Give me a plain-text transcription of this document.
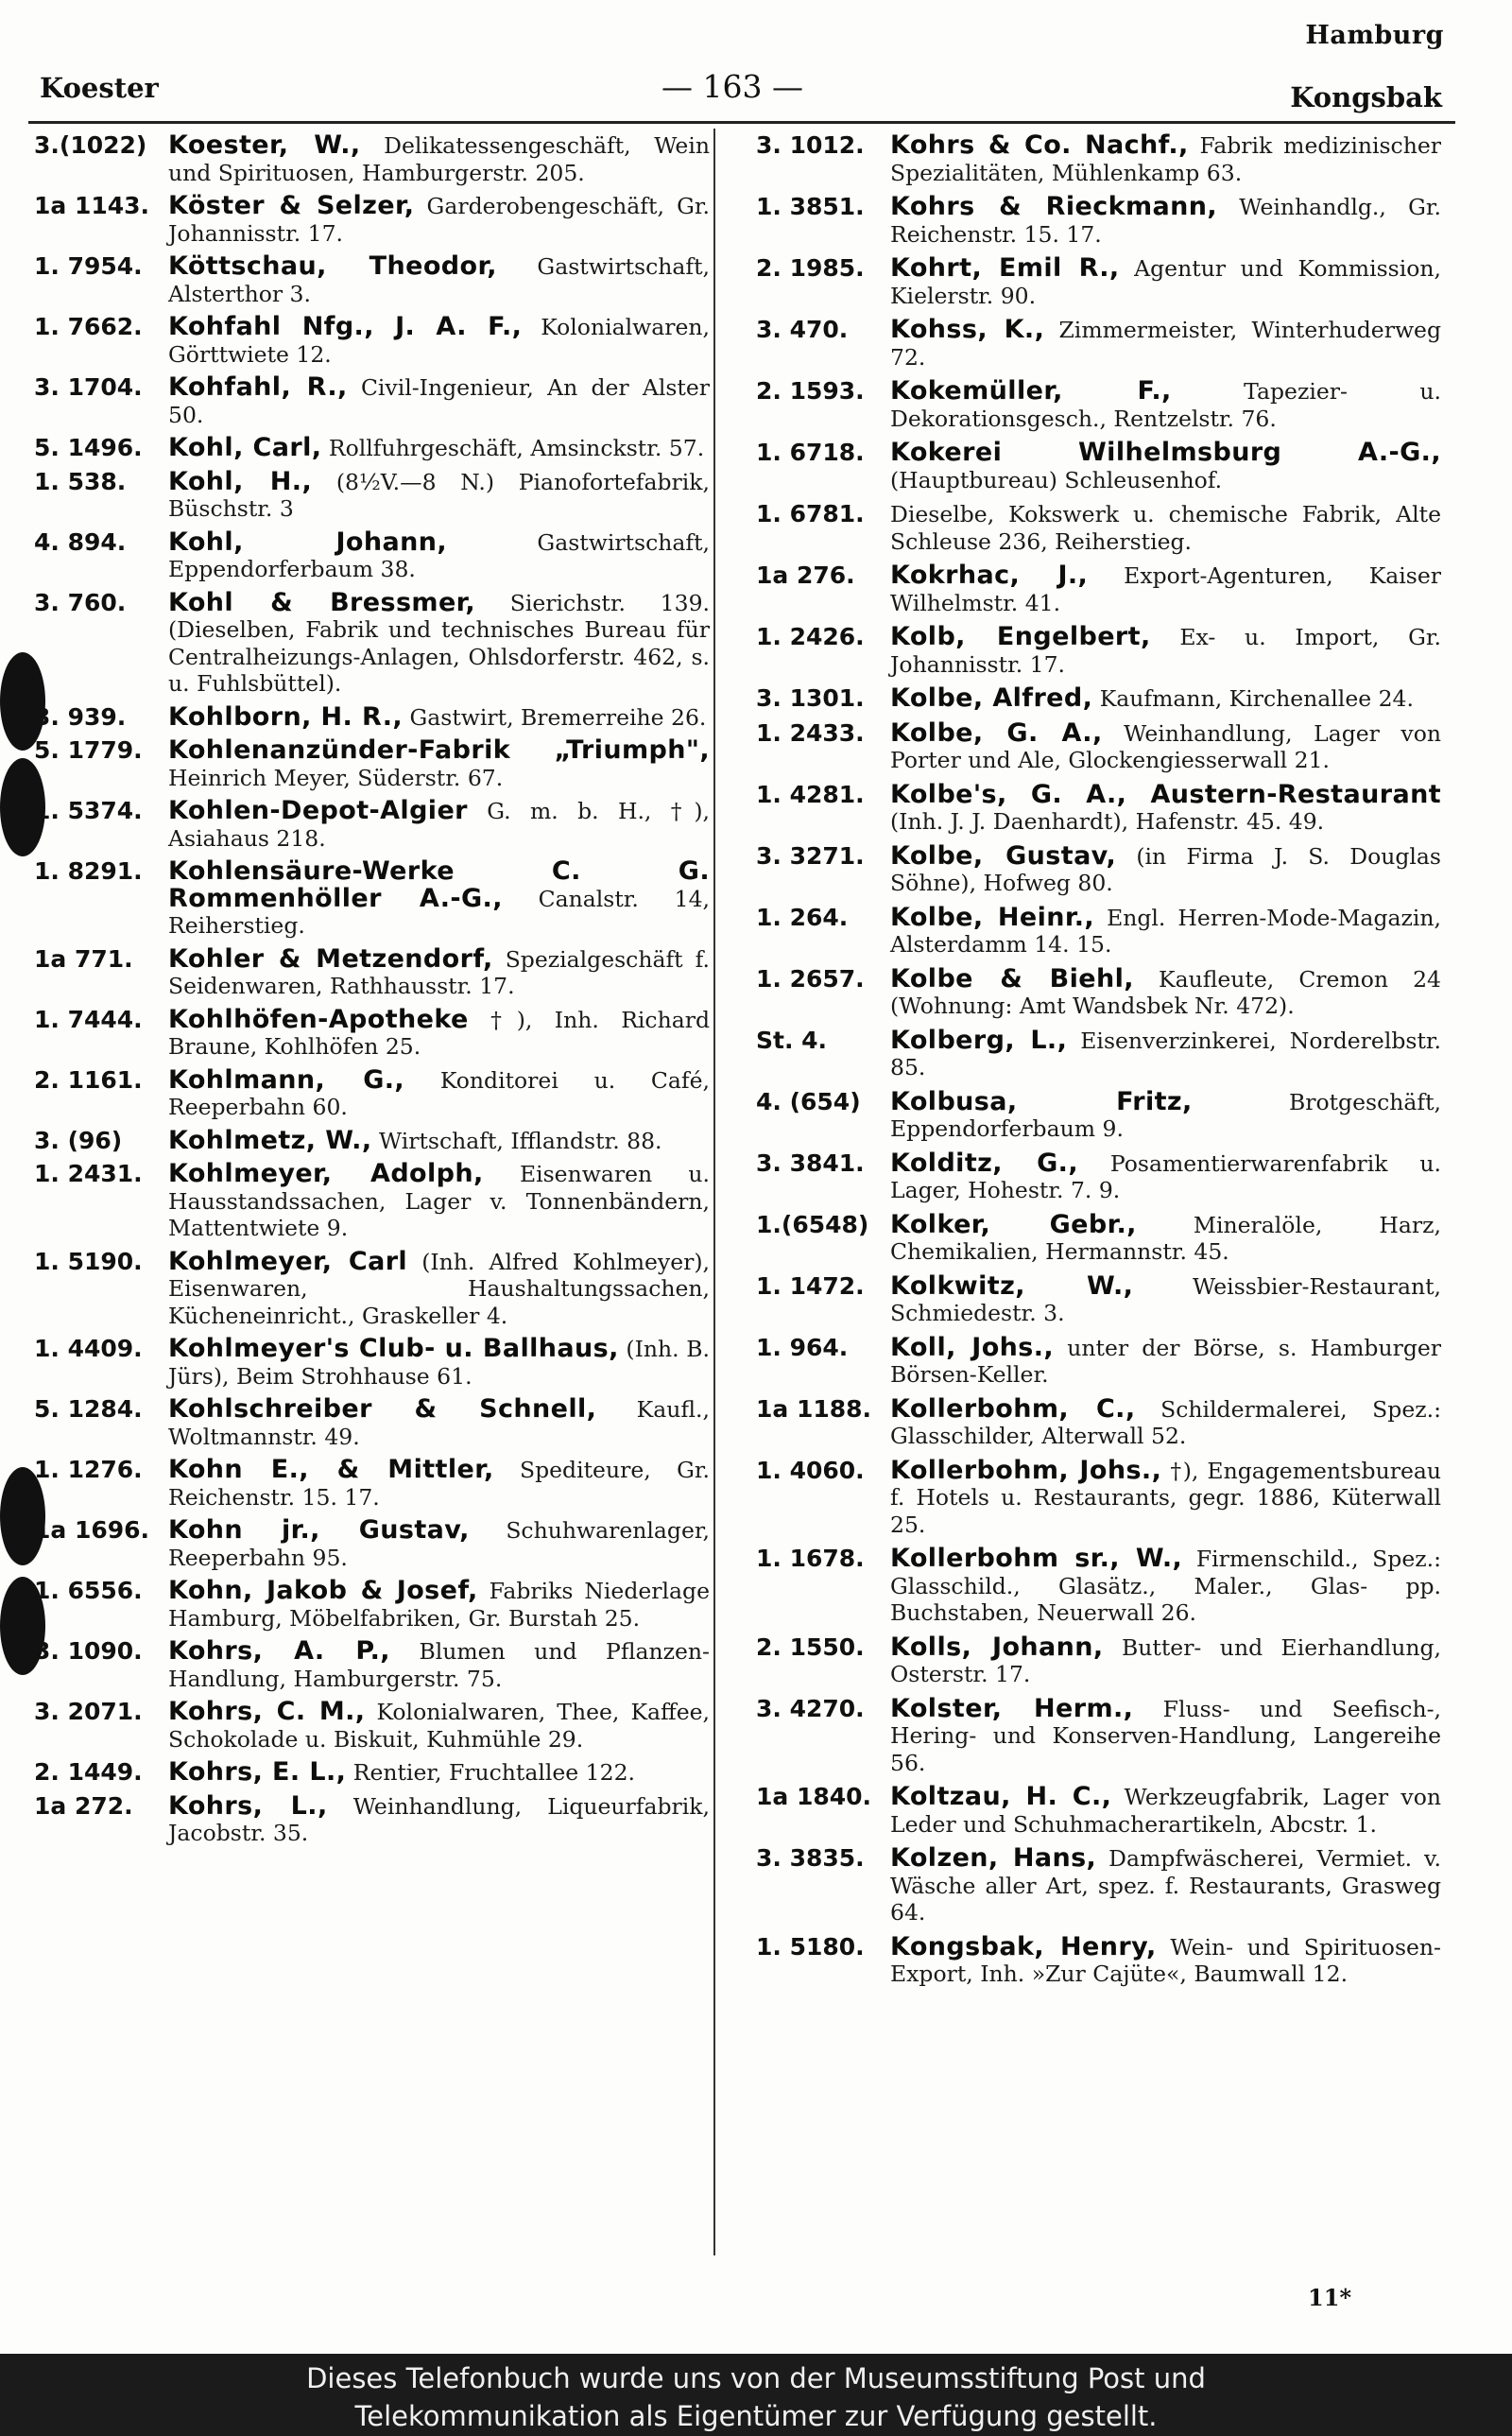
Hamburg
Koester	— 163 —	Kongsbak
3.(1022) Koester, W., Delikatessengeschäft, Wein und Spirituosen, Hamburgerstr. 205.
1a 1143. Köster & Selzer, Garderobengeschäft, Gr. Johannisstr. 17.
1. 7954.	Köttschau, Theodor, Gastwirtschaft, Alsterthor 3.
1. 7662.	Kohfahl Nfg., J. A. F., Kolonialwaren, Görttwiete 12.
3. 1704.	Kohfahl, R., Civil-Ingenieur, An der Alster 50.
5. 1496.	Kohl, Carl, Rollfuhrgeschäft, Amsinckstr. 57.
1. 538.	Kohl, H., (8½V.—8 N.) Pianofortefabrik, Büschstr. 3
4. 894.	Kohl, Johann, Gastwirtschaft, Eppendorferbaum 38.
3. 760.	Kohl & Bressmer, Sierichstr. 139. (Dieselben, Fabrik und technisches Bureau für Centralheizungs-Anlagen, Ohlsdorferstr. 462, s. u. Fuhlsbüttel).
3. 939.	Kohlborn, H. R., Gastwirt, Bremerreihe 26.
5. 1779.	Kohlenanzünder-Fabrik „Triumph", Heinrich Meyer, Süderstr. 67.
1. 5374.	Kohlen-Depot-Algier G. m. b. H., †), Asiahaus 218.
1. 8291.	Kohlensäure-Werke C. G. Rommenhöller A.-G., Canalstr. 14, Reiherstieg.
1a 771.	Kohler & Metzendorf, Spezialgeschäft f. Seidenwaren, Rathhausstr. 17.
1. 7444.	Kohlhöfen-Apotheke †), Inh. Richard Braune, Kohlhöfen 25.
2. 1161.	Kohlmann, G., Konditorei u. Café, Reeperbahn 60.
3. (96)	Kohlmetz, W., Wirtschaft, Ifflandstr. 88.
1. 2431.	Kohlmeyer, Adolph, Eisenwaren u. Hausstandssachen, Lager v. Tonnenbändern, Mattentwiete 9.
1. 5190.	Kohlmeyer, Carl (Inh. Alfred Kohlmeyer), Eisenwaren, Haushaltungssachen, Kücheneinricht., Graskeller 4.
1. 4409.	Kohlmeyer's Club- u. Ballhaus, (Inh. B. Jürs), Beim Strohhause 61.
5. 1284.	Kohlschreiber & Schnell, Kaufl., Woltmannstr. 49.
1. 1276.	Kohn E., & Mittler, Spediteure, Gr. Reichenstr. 15. 17.
1a 1696. Kohn jr., Gustav, Schuhwarenlager, Reeperbahn 95.
1. 6556.	Kohn, Jakob & Josef, Fabriks Niederlage Hamburg, Möbelfabriken, Gr. Burstah 25.
3. 1090.	Kohrs, A. P., Blumen und Pflanzen-Handlung, Hamburgerstr. 75.
3. 2071.	Kohrs, C. M., Kolonialwaren, Thee, Kaffee, Schokolade u. Biskuit, Kuhmühle 29.
2. 1449.	Kohrs, E. L., Rentier, Fruchtallee 122.
1a 272.	Kohrs, L., Weinhandlung, Liqueurfabrik, Jacobstr. 35.
3. 1012.	Kohrs & Co. Nachf., Fabrik medizinischer Spezialitäten, Mühlenkamp 63.
1. 3851.	Kohrs & Rieckmann, Weinhandlg., Gr. Reichenstr. 15. 17.
2. 1985.	Kohrt, Emil R., Agentur und Kommission, Kielerstr. 90.
3. 470.	Kohss, K., Zimmermeister, Winterhuderweg 72.
2. 1593.	Kokemüller, F., Tapezier- u. Dekorationsgesch., Rentzelstr. 76.
1. 6718.	Kokerei Wilhelmsburg A.-G., (Hauptbureau) Schleusenhof.
1. 6781.	Dieselbe, Kokswerk u. chemische Fabrik, Alte Schleuse 236, Reiherstieg.
1a 276.	Kokrhac, J., Export-Agenturen, Kaiser Wilhelmstr. 41.
1. 2426.	Kolb, Engelbert, Ex- u. Import, Gr. Johannisstr. 17.
3. 1301.	Kolbe, Alfred, Kaufmann, Kirchenallee 24.
1. 2433.	Kolbe, G. A., Weinhandlung, Lager von Porter und Ale, Glockengiesserwall 21.
1. 4281.	Kolbe's, G. A., Austern-Restaurant (Inh. J. J. Daenhardt), Hafenstr. 45. 49.
3. 3271.	Kolbe, Gustav, (in Firma J. S. Douglas Söhne), Hofweg 80.
1. 264.	Kolbe, Heinr., Engl. Herren-Mode-Magazin, Alsterdamm 14. 15.
1. 2657.	Kolbe & Biehl, Kaufleute, Cremon 24 (Wohnung: Amt Wandsbek Nr. 472).
St. 4.	Kolberg, L., Eisenverzinkerei, Norderelbstr. 85.
4. (654)	Kolbusa, Fritz, Brotgeschäft, Eppendorferbaum 9.
3. 3841.	Kolditz, G., Posamentierwarenfabrik u. Lager, Hohestr. 7. 9.
1.(6548) Kolker, Gebr., Mineralöle, Harz, Chemikalien, Hermannstr. 45.
1. 1472.	Kolkwitz, W., Weissbier-Restaurant, Schmiedestr. 3.
1. 964.	Koll, Johs., unter der Börse, s. Hamburger Börsen-Keller.
1a 1188. Kollerbohm, C., Schildermalerei, Spez.: Glasschilder, Alterwall 52.
1. 4060.	Kollerbohm, Johs., †), Engagementsbureau f. Hotels u. Restaurants, gegr. 1886, Küterwall 25.
1. 1678.	Kollerbohm sr., W., Firmenschild., Spez.: Glasschild., Glasätz., Maler., Glas- pp. Buchstaben, Neuerwall 26.
2. 1550.	Kolls, Johann, Butter- und Eierhandlung, Osterstr. 17.
3. 4270.	Kolster, Herm., Fluss- und Seefisch-, Hering- und Konserven-Handlung, Langereihe 56.
1a 1840. Koltzau, H. C., Werkzeugfabrik, Lager von Leder und Schuhmacherartikeln, Abcstr. 1.
3. 3835.	Kolzen, Hans, Dampfwäscherei, Vermiet. v. Wäsche aller Art, spez. f. Restaurants, Grasweg 64.
1. 5180.	Kongsbak, Henry, Wein- und Spirituosen-Export, Inh. »Zur Cajüte«, Baumwall 12.
11*
Dieses Telefonbuch wurde uns von der Museumsstiftung Post und
Telekommunikation als Eigentümer zur Verfügung gestellt.
